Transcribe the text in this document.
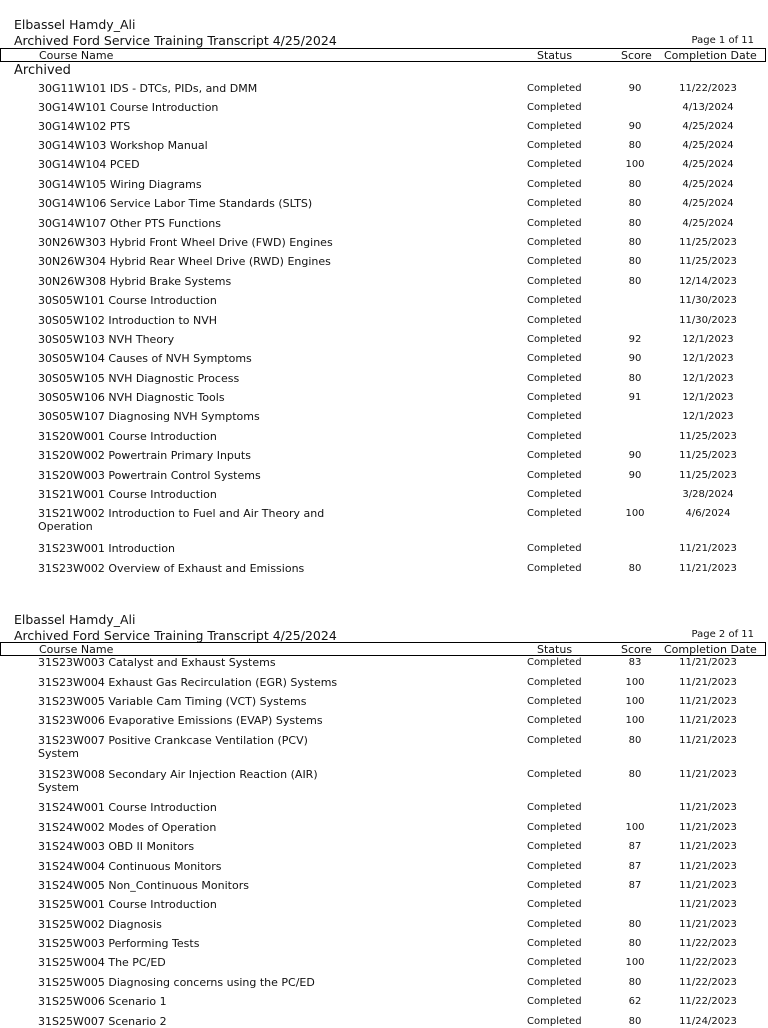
Elbassel Hamdy_Ali
Archived Ford Service Training Transcript 4/25/2024	Page 1 of 11
Course Name	Status	Score Completion Date
Archived
30G11W101 IDS - DTCs, PIDs, and DMM	Completed	90	11/22/2023
30G14W101 Course Introduction	Completed	4/13/2024
30G14W102 PTS	Completed	90	4/25/2024
30G14W103 Workshop Manual	Completed	80	4/25/2024
30G14W104 PCED	Completed	100	4/25/2024
30G14W105 Wiring Diagrams	Completed	80	4/25/2024
30G14W106 Service Labor Time Standards (SLTS)	Completed	80	4/25/2024
30G14W107 Other PTS Functions	Completed	80	4/25/2024
30N26W303 Hybrid Front Wheel Drive (FWD) Engines	Completed	80	11/25/2023
30N26W304 Hybrid Rear Wheel Drive (RWD) Engines	Completed	80	11/25/2023
30N26W308 Hybrid Brake Systems	Completed	80	12/14/2023
30S05W101 Course Introduction	Completed	11/30/2023
30S05W102 Introduction to NVH	Completed	11/30/2023
30S05W103 NVH Theory	Completed	92	12/1/2023
30S05W104 Causes of NVH Symptoms	Completed	90	12/1/2023
30S05W105 NVH Diagnostic Process	Completed	80	12/1/2023
30S05W106 NVH Diagnostic Tools	Completed	91	12/1/2023
30S05W107 Diagnosing NVH Symptoms	Completed	12/1/2023
31S20W001 Course Introduction	Completed	11/25/2023
31S20W002 Powertrain Primary Inputs	Completed	90	11/25/2023
31S20W003 Powertrain Control Systems	Completed	90	11/25/2023
31S21W001 Course Introduction	Completed	3/28/2024
31S21W002 Introduction to Fuel and Air Theory and Operation
Completed	100	4/6/2024
31S23W001 Introduction	Completed	11/21/2023
31S23W002 Overview of Exhaust and Emissions	Completed	80	11/21/2023
Elbassel Hamdy_Ali
Archived Ford Service Training Transcript 4/25/2024	Page 2 of 11
Course Name	Status	Score Completion Date
31S23W003 Catalyst and Exhaust Systems	Completed	83	11/21/2023
31S23W004 Exhaust Gas Recirculation (EGR) Systems	Completed	100	11/21/2023
31S23W005 Variable Cam Timing (VCT) Systems	Completed	100	11/21/2023
31S23W006 Evaporative Emissions (EVAP) Systems	Completed	100	11/21/2023
31S23W007 Positive Crankcase Ventilation (PCV) System
Completed	80	11/21/2023
31S23W008 Secondary Air Injection Reaction (AIR) System
Completed	80	11/21/2023
31S24W001 Course Introduction	Completed	11/21/2023
31S24W002 Modes of Operation	Completed	100	11/21/2023
31S24W003 OBD II Monitors	Completed	87	11/21/2023
31S24W004 Continuous Monitors	Completed	87	11/21/2023
31S24W005 Non_Continuous Monitors	Completed	87	11/21/2023
31S25W001 Course Introduction	Completed	11/21/2023
31S25W002 Diagnosis	Completed	80	11/21/2023
31S25W003 Performing Tests	Completed	80	11/22/2023
31S25W004 The PC/ED	Completed	100	11/22/2023
31S25W005 Diagnosing concerns using the PC/ED	Completed	80	11/22/2023
31S25W006 Scenario 1	Completed	62	11/22/2023
31S25W007 Scenario 2	Completed	80	11/24/2023
